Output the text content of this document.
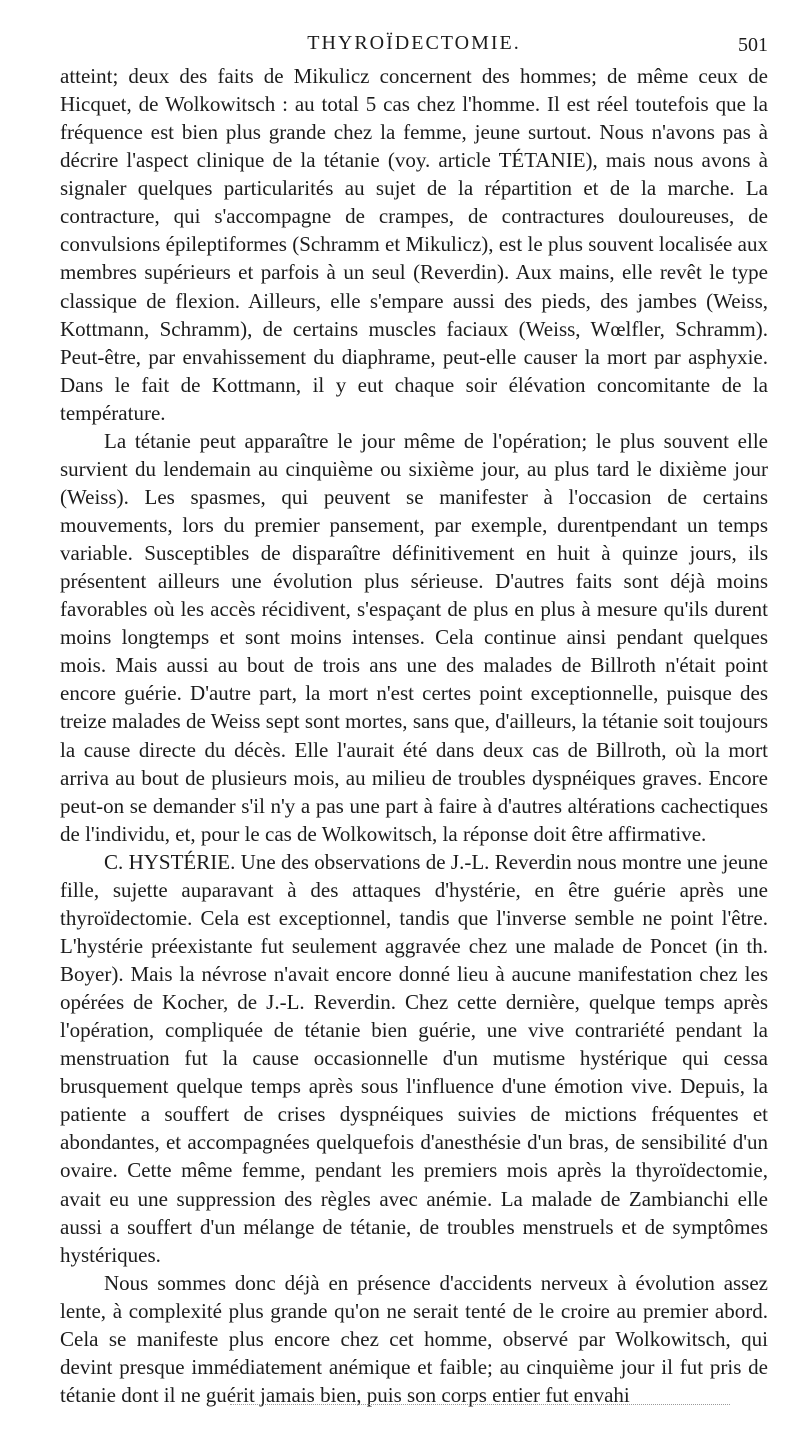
THYROÏDECTOMIE.	501

atteint; deux des faits de Mikulicz concernent des hommes; de même ceux de Hicquet, de Wolkowitsch : au total 5 cas chez l'homme. Il est réel toutefois que la fréquence est bien plus grande chez la femme, jeune surtout. Nous n'avons pas à décrire l'aspect clinique de la tétanie (voy. article TÉTANIE), mais nous avons à signaler quelques particularités au sujet de la répartition et de la marche. La contracture, qui s'accompagne de crampes, de contractures douloureuses, de convulsions épileptiformes (Schramm et Mikulicz), est le plus souvent localisée aux membres supérieurs et parfois à un seul (Reverdin). Aux mains, elle revêt le type classique de flexion. Ailleurs, elle s'empare aussi des pieds, des jambes (Weiss, Kottmann, Schramm), de certains muscles faciaux (Weiss, Wœlfler, Schramm). Peut-être, par envahissement du diaphrame, peut-elle causer la mort par asphyxie. Dans le fait de Kottmann, il y eut chaque soir élévation concomitante de la température.

La tétanie peut apparaître le jour même de l'opération; le plus souvent elle survient du lendemain au cinquième ou sixième jour, au plus tard le dixième jour (Weiss). Les spasmes, qui peuvent se manifester à l'occasion de certains mouvements, lors du premier pansement, par exemple, durentpendant un temps variable. Susceptibles de disparaître définitivement en huit à quinze jours, ils présentent ailleurs une évolution plus sérieuse. D'autres faits sont déjà moins favorables où les accès récidivent, s'espaçant de plus en plus à mesure qu'ils durent moins longtemps et sont moins intenses. Cela continue ainsi pendant quelques mois. Mais aussi au bout de trois ans une des malades de Billroth n'était point encore guérie. D'autre part, la mort n'est certes point exceptionnelle, puisque des treize malades de Weiss sept sont mortes, sans que, d'ailleurs, la tétanie soit toujours la cause directe du décès. Elle l'aurait été dans deux cas de Billroth, où la mort arriva au bout de plusieurs mois, au milieu de troubles dyspnéiques graves. Encore peut-on se demander s'il n'y a pas une part à faire à d'autres altérations cachectiques de l'individu, et, pour le cas de Wolkowitsch, la réponse doit être affirmative.

C. HYSTÉRIE. Une des observations de J.-L. Reverdin nous montre une jeune fille, sujette auparavant à des attaques d'hystérie, en être guérie après une thyroïdectomie. Cela est exceptionnel, tandis que l'inverse semble ne point l'être. L'hystérie préexistante fut seulement aggravée chez une malade de Poncet (in th. Boyer). Mais la névrose n'avait encore donné lieu à aucune manifestation chez les opérées de Kocher, de J.-L. Reverdin. Chez cette dernière, quelque temps après l'opération, compliquée de tétanie bien guérie, une vive contrariété pendant la menstruation fut la cause occasionnelle d'un mutisme hystérique qui cessa brusquement quelque temps après sous l'influence d'une émotion vive. Depuis, la patiente a souffert de crises dyspnéiques suivies de mictions fréquentes et abondantes, et accompagnées quelquefois d'anesthésie d'un bras, de sensibilité d'un ovaire. Cette même femme, pendant les premiers mois après la thyroïdectomie, avait eu une suppression des règles avec anémie. La malade de Zambianchi elle aussi a souffert d'un mélange de tétanie, de troubles menstruels et de symptômes hystériques.

Nous sommes donc déjà en présence d'accidents nerveux à évolution assez lente, à complexité plus grande qu'on ne serait tenté de le croire au premier abord. Cela se manifeste plus encore chez cet homme, observé par Wolkowitsch, qui devint presque immédiatement anémique et faible; au cinquième jour il fut pris de tétanie dont il ne guérit jamais bien, puis son corps entier fut envahi
